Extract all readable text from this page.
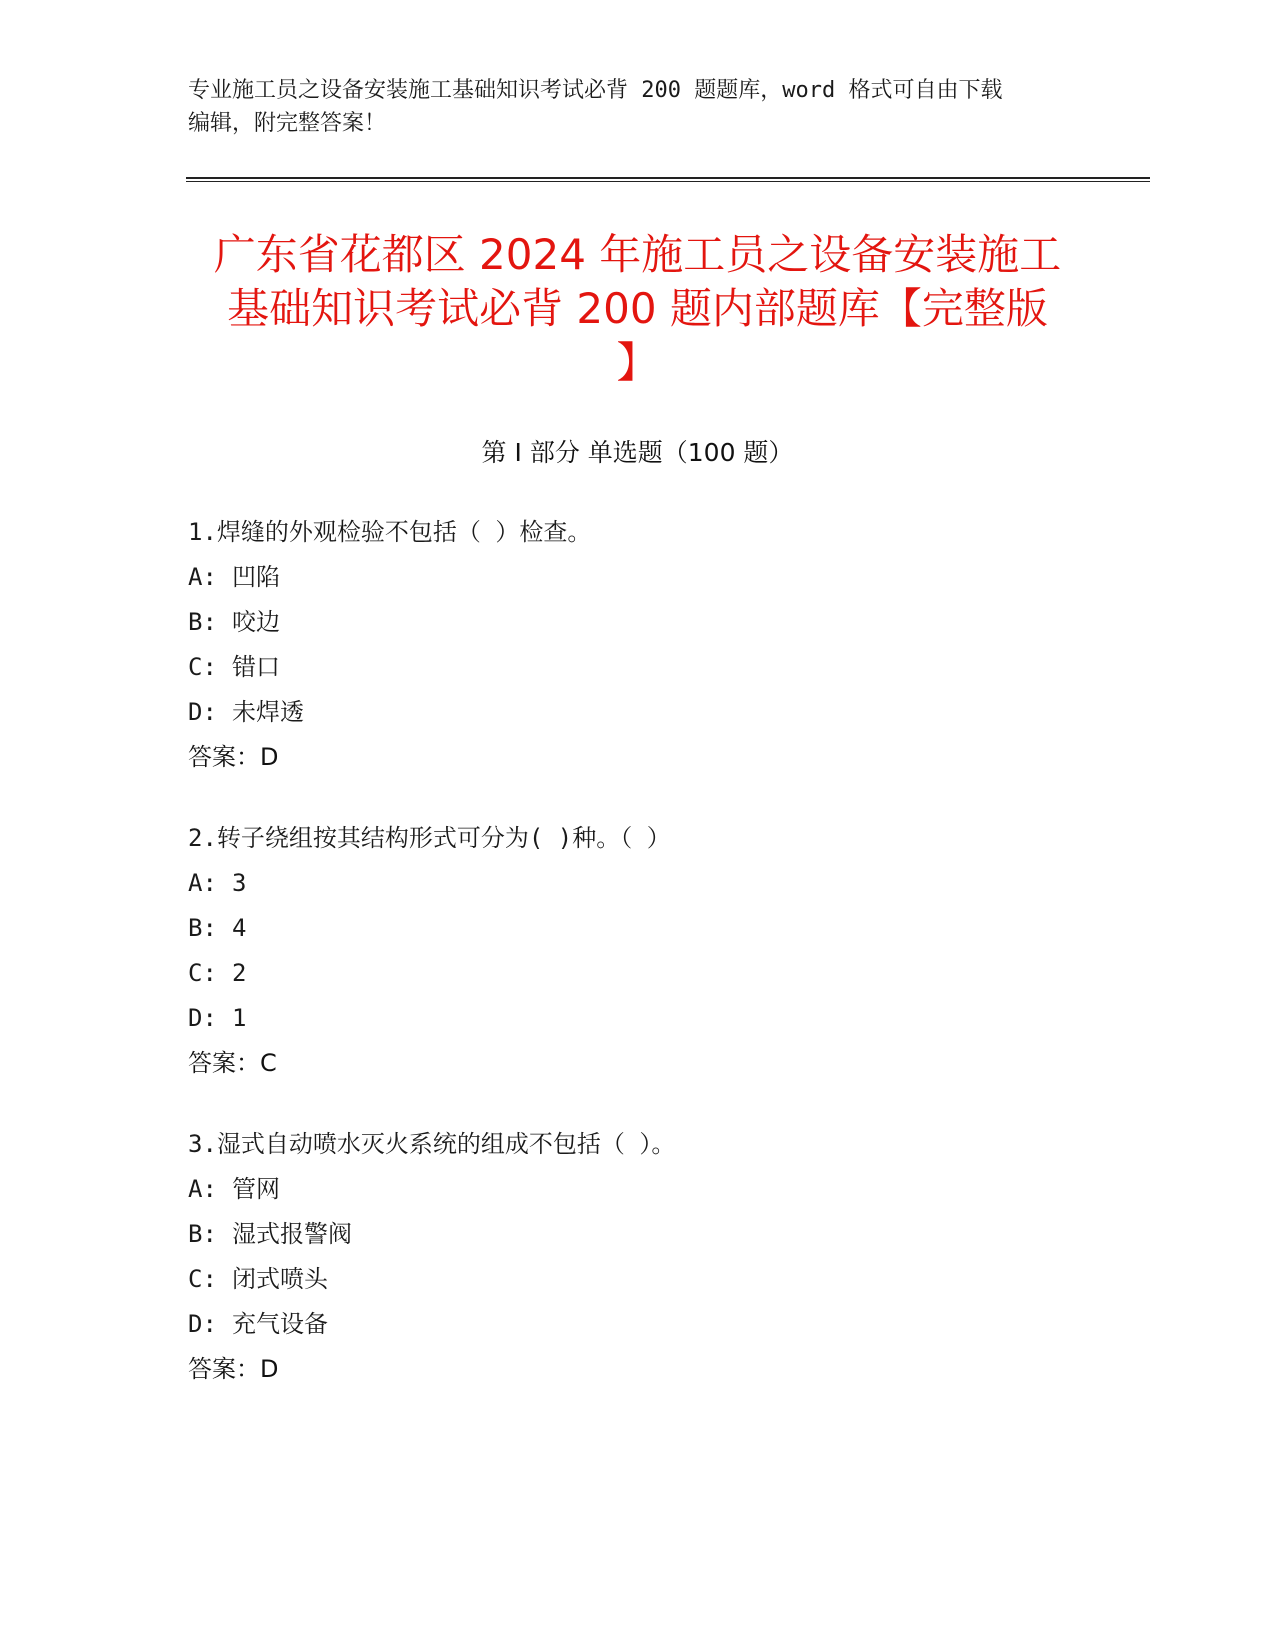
专业施工员之设备安装施工基础知识考试必背 200 题题库，word 格式可自由下载
编辑，附完整答案！
广东省花都区 2024 年施工员之设备安装施工
基础知识考试必背 200 题内部题库【完整版
】
第 I 部分 单选题（100 题）
1.焊缝的外观检验不包括（ ）检查。
A: 凹陷
B: 咬边
C: 错口
D: 未焊透
答案：D
2.转子绕组按其结构形式可分为( )种。（ ）
A: 3
B: 4
C: 2
D: 1
答案：C
3.湿式自动喷水灭火系统的组成不包括（ ）。
A: 管网
B: 湿式报警阀
C: 闭式喷头
D: 充气设备
答案：D
